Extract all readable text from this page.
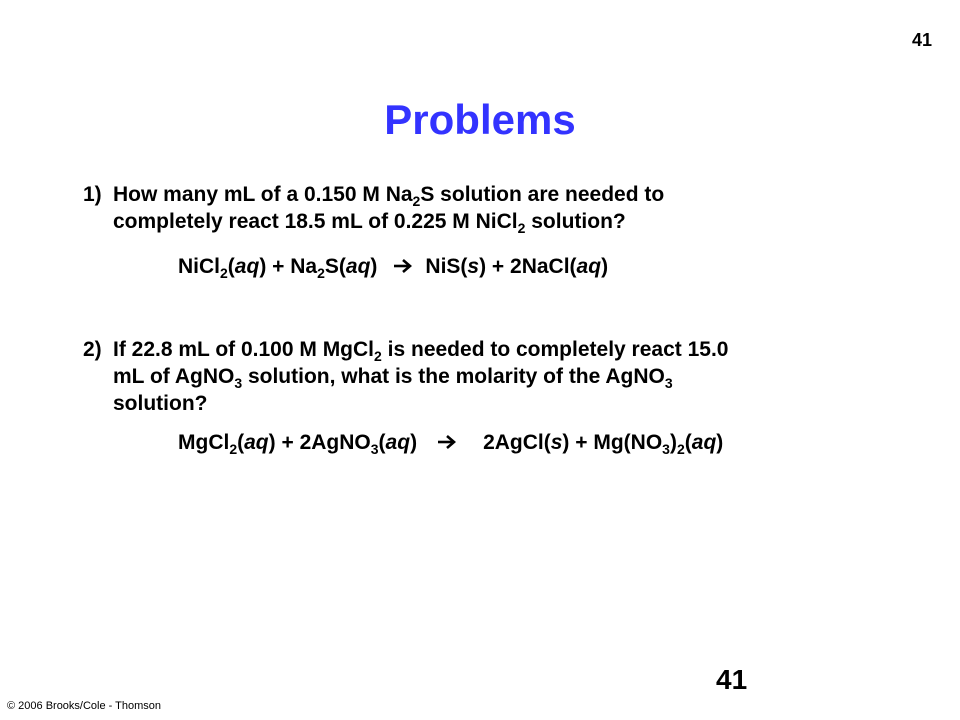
41
Problems
1) How many mL of a 0.150 M $Na_2S$ solution are needed to
completely react 18.5 mL of 0.225 M NiCl$_2$ solution?
NiCl$_2$(aq) + $Na_2S(aq) \to NiS(s)$ + 2NaCl(aq)
2) If 22.8 mL of 0.100 M MgCl$_2$ is needed to completely react 15.0
mL of AgNO$_3$ solution, what is the molarity of the AgNO$_3$
solution?
MgCl$_2$(aq) + 2AgNO$_3$(aq) → 2AgCl(s) + $Mg(NO_3)_2(aq)$
41
© 2006 Brooks/Cole - Thomson
